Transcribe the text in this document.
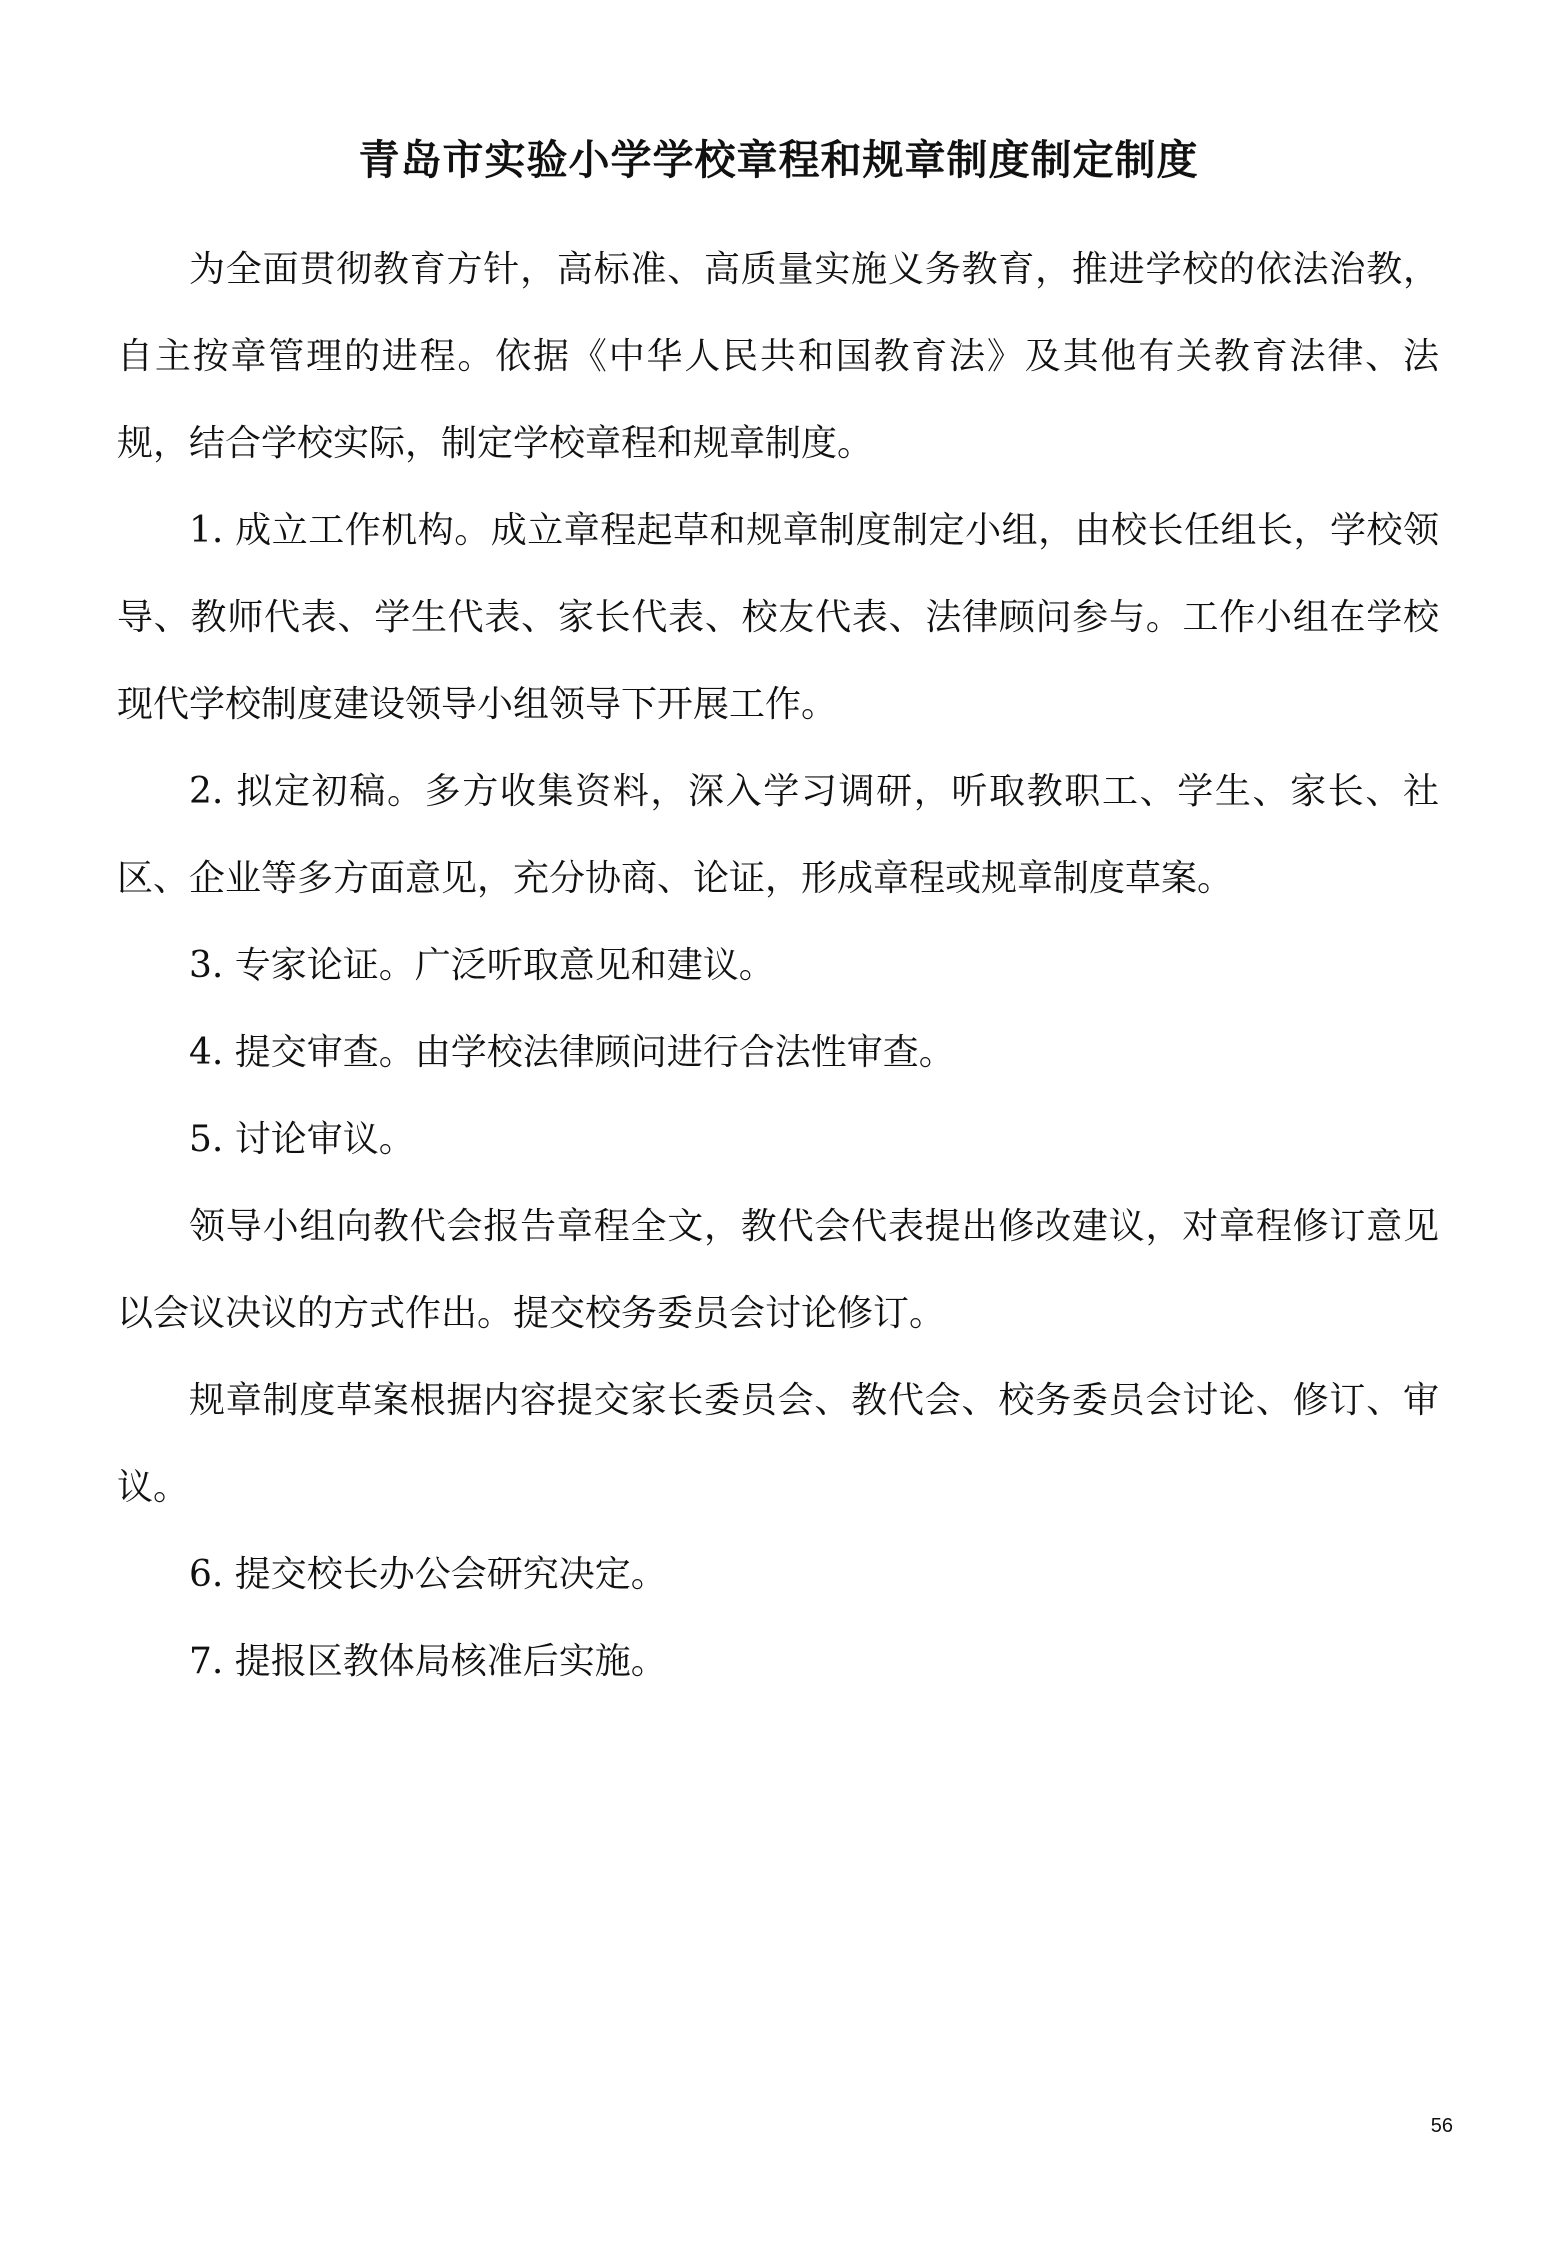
青岛市实验小学学校章程和规章制度制定制度

为全面贯彻教育方针，高标准、高质量实施义务教育，推进学校的依法治教，自主按章管理的进程。依据《中华人民共和国教育法》及其他有关教育法律、法规，结合学校实际，制定学校章程和规章制度。

1. 成立工作机构。成立章程起草和规章制度制定小组，由校长任组长，学校领导、教师代表、学生代表、家长代表、校友代表、法律顾问参与。工作小组在学校现代学校制度建设领导小组领导下开展工作。

2. 拟定初稿。多方收集资料，深入学习调研，听取教职工、学生、家长、社区、企业等多方面意见，充分协商、论证，形成章程或规章制度草案。

3. 专家论证。广泛听取意见和建议。

4. 提交审查。由学校法律顾问进行合法性审查。

5. 讨论审议。

领导小组向教代会报告章程全文，教代会代表提出修改建议，对章程修订意见以会议决议的方式作出。提交校务委员会讨论修订。

规章制度草案根据内容提交家长委员会、教代会、校务委员会讨论、修订、审议。

6. 提交校长办公会研究决定。

7. 提报区教体局核准后实施。

56
